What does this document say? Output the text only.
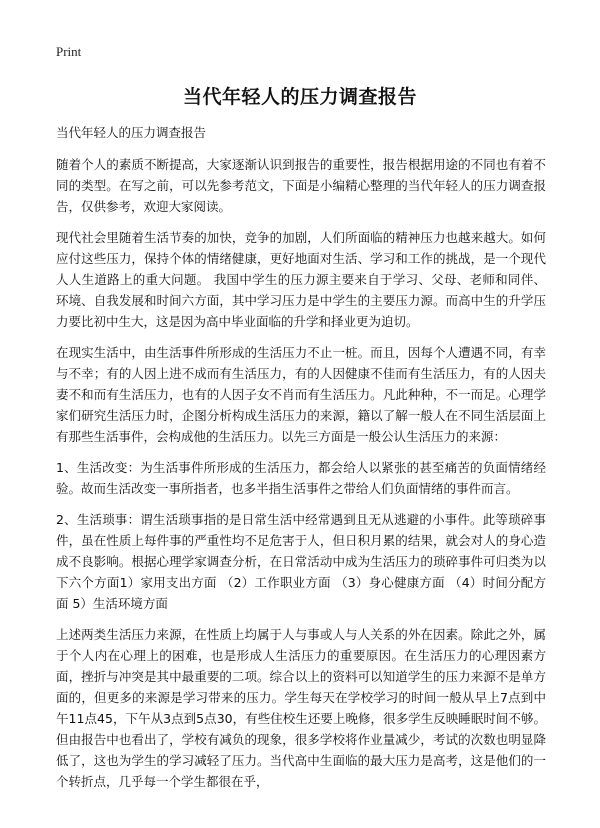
Print
当代年轻人的压力调查报告

当代年轻人的压力调查报告

随着个人的素质不断提高，大家逐渐认识到报告的重要性，报告根据用途的不同也有着不同的类型。在写之前，可以先参考范文，下面是小编精心整理的当代年轻人的压力调查报告，仅供参考，欢迎大家阅读。

现代社会里随着生活节奏的加快，竞争的加剧，人们所面临的精神压力也越来越大。如何应付这些压力，保持个体的情绪健康，更好地面对生活、学习和工作的挑战，是一个现代人人生道路上的重大问题。 我国中学生的压力源主要来自于学习、父母、老师和同伴、环境、自我发展和时间六方面，其中学习压力是中学生的主要压力源。而高中生的升学压力要比初中生大，这是因为高中毕业面临的升学和择业更为迫切。

在现实生活中，由生活事件所形成的生活压力不止一桩。而且，因每个人遭遇不同，有幸与不幸；有的人因上进不成而有生活压力，有的人因健康不佳而有生活压力，有的人因夫妻不和而有生活压力，也有的人因子女不肖而有生活压力。凡此种种，不一而足。心理学家们研究生活压力时，企图分析构成生活压力的来源，籍以了解一般人在不同生活层面上有那些生活事件，会构成他的生活压力。以先三方面是一般公认生活压力的来源：

1、生活改变：为生活事件所形成的生活压力，都会给人以紧张的甚至痛苦的负面情绪经验。故而生活改变一事所指者，也多半指生活事件之带给人们负面情绪的事件而言。

2、生活琐事：谓生活琐事指的是日常生活中经常遇到且无从逃避的小事件。此等琐碎事件，虽在性质上每件事的严重性均不足危害于人，但日积月累的结果，就会对人的身心造成不良影响。根据心理学家调查分析，在日常活动中成为生活压力的琐碎事件可归类为以下六个方面1）家用支出方面 （2）工作职业方面 （3）身心健康方面 （4）时间分配方面 5）生活环境方面

上述两类生活压力来源，在性质上均属于人与事或人与人关系的外在因素。除此之外，属于个人内在心理上的困难，也是形成人生活压力的重要原因。在生活压力的心理因素方面，挫折与冲突是其中最重要的二项。综合以上的资料可以知道学生的压力来源不是单方面的，但更多的来源是学习带来的压力。学生每天在学校学习的时间一般从早上7点到中午11点45，下午从3点到5点30，有些住校生还要上晚修，很多学生反映睡眠时间不够。但由报告中也看出了，学校有减负的现象，很多学校将作业量减少，考试的次数也明显降低了，这也为学生的学习减轻了压力。当代高中生面临的最大压力是高考，这是他们的一个转折点，几乎每一个学生都很在乎，
